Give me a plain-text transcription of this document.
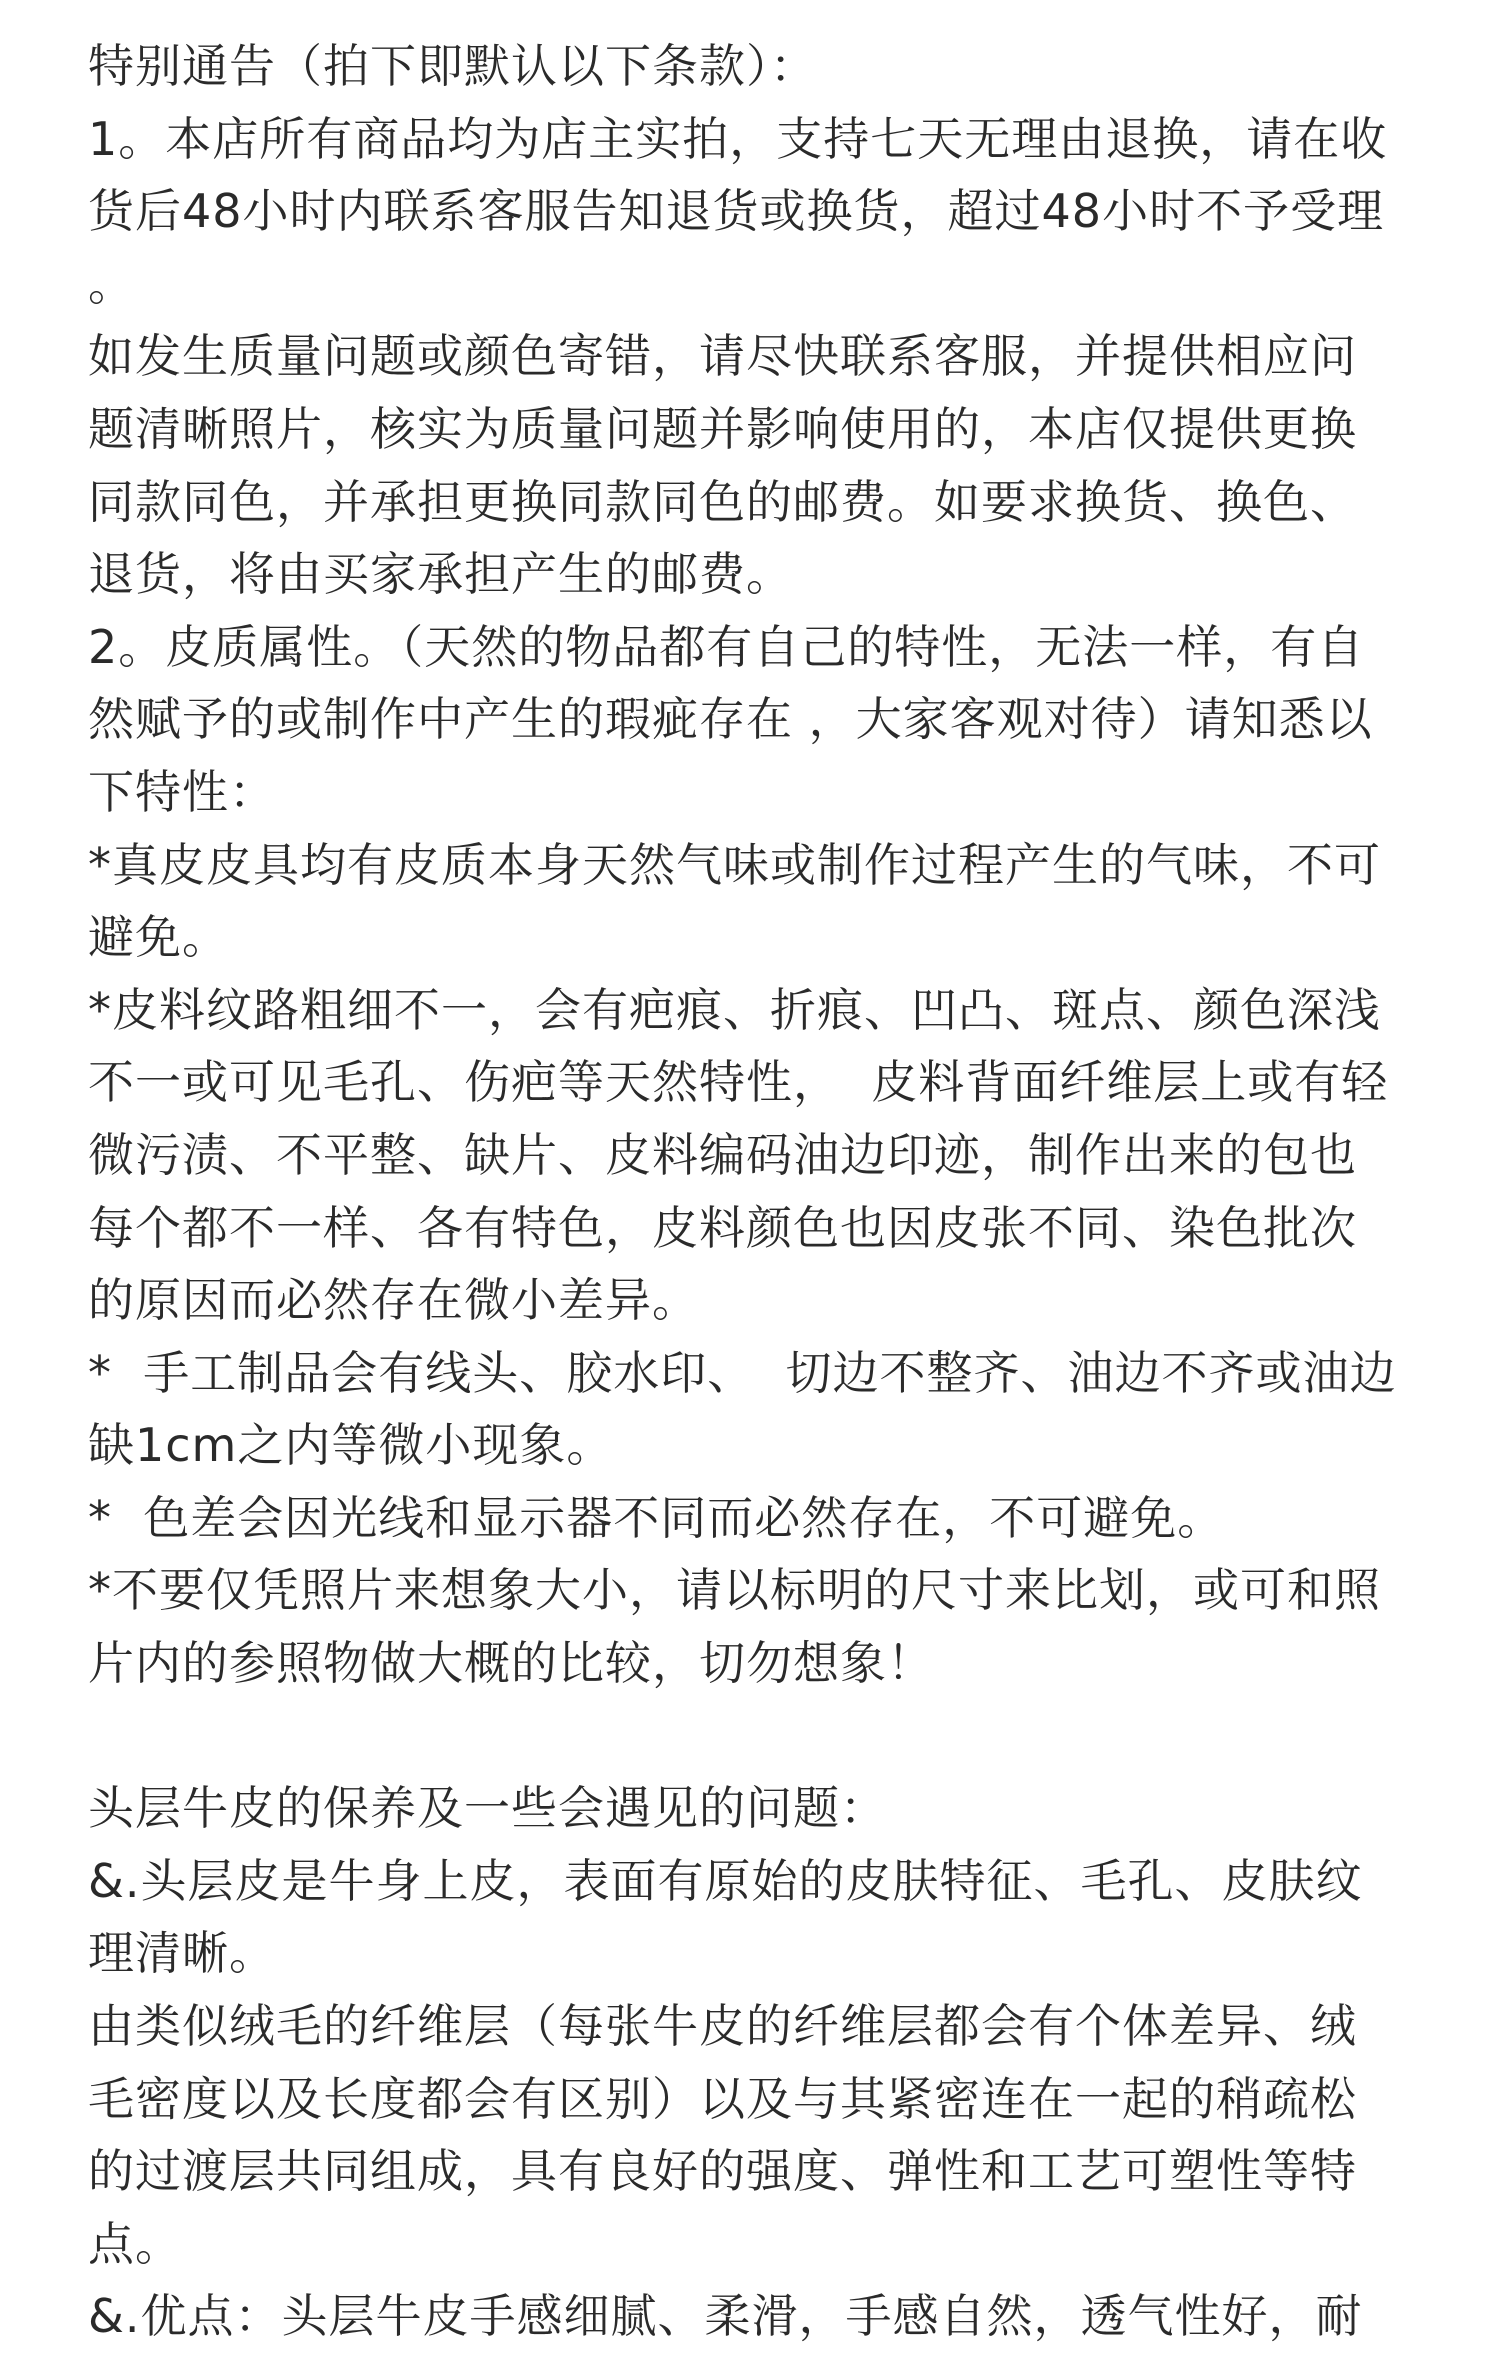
特别通告（拍下即默认以下条款）：
1。本店所有商品均为店主实拍，支持七天无理由退换，请在收
货后48小时内联系客服告知退货或换货，超过48小时不予受理
。
如发生质量问题或颜色寄错，请尽快联系客服，并提供相应问
题清晰照片，核实为质量问题并影响使用的，本店仅提供更换
同款同色，并承担更换同款同色的邮费。如要求换货、换色、
退货，将由买家承担产生的邮费。
2。皮质属性。（天然的物品都有自己的特性，无法一样，有自
然赋予的或制作中产生的瑕疵存在 ，大家客观对待）请知悉以
下特性：
*真皮皮具均有皮质本身天然气味或制作过程产生的气味，不可
避免。
*皮料纹路粗细不一，会有疤痕、折痕、凹凸、斑点、颜色深浅
不一或可见毛孔、伤疤等天然特性，  皮料背面纤维层上或有轻
微污渍、不平整、缺片、皮料编码油边印迹，制作出来的包也
每个都不一样、各有特色，皮料颜色也因皮张不同、染色批次
的原因而必然存在微小差异。
*  手工制品会有线头、胶水印、  切边不整齐、油边不齐或油边
缺1cm之内等微小现象。
*  色差会因光线和显示器不同而必然存在，不可避免。
*不要仅凭照片来想象大小，请以标明的尺寸来比划，或可和照
片内的参照物做大概的比较，切勿想象！
头层牛皮的保养及一些会遇见的问题：
&.头层皮是牛身上皮，表面有原始的皮肤特征、毛孔、皮肤纹
理清晰。
由类似绒毛的纤维层（每张牛皮的纤维层都会有个体差异、绒
毛密度以及长度都会有区别）以及与其紧密连在一起的稍疏松
的过渡层共同组成，具有良好的强度、弹性和工艺可塑性等特
点。
&.优点：头层牛皮手感细腻、柔滑，手感自然，透气性好，耐
